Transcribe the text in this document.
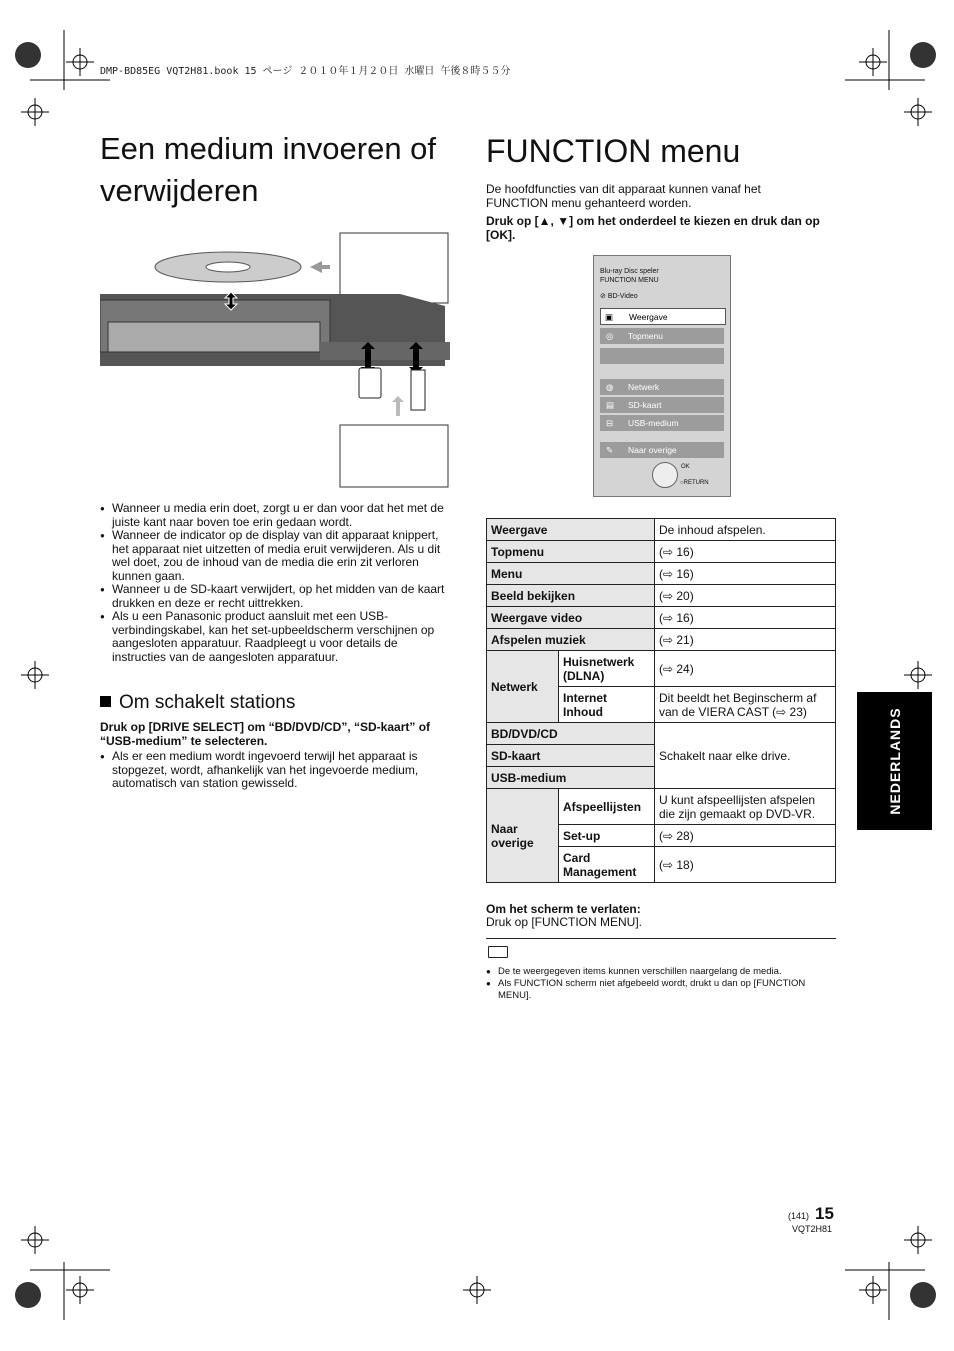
DMP-BD85EG VQT2H81.book 15 ページ ２０１０年１月２０日 水曜日 午後８時５５分
Een medium invoeren of
verwijderen

● Wanneer u media erin doet, zorgt u er dan voor dat het met de juiste kant naar boven toe erin gedaan wordt.

● Wanneer de indicator op de display van dit apparaat knippert, het apparaat niet uitzetten of media eruit verwijderen. Als u dit wel doet, zou de inhoud van de media die erin zit verloren kunnen gaan.

● Wanneer u de SD-kaart verwijdert, op het midden van de kaart drukken en deze er recht uittrekken.

● Als u een Panasonic product aansluit met een USB-verbindingskabel, kan het set-upbeeldscherm verschijnen op aangesloten apparatuur. Raadpleegt u voor details de instructies van de aangesloten apparatuur.

Om schakelt stations
Druk op [DRIVE SELECT] om “BD/DVD/CD”, “SD-kaart” of “USB-medium” te selecteren.

● Als er een medium wordt ingevoerd terwijl het apparaat is stopgezet, wordt, afhankelijk van het ingevoerde medium, automatisch van station gewisseld.

FUNCTION menu
De hoofdfuncties van dit apparaat kunnen vanaf het FUNCTION menu gehanteerd worden.
Druk op [▲, ▼] om het onderdeel te kiezen en druk dan op [OK].
Blu-ray Disc speler
FUNCTION MENU
⊘ BD-Video
▣ Weergave
◎ Topmenu
◍ Netwerk
▤ SD-kaart
⊟ USB-medium
✎ Naar overige
OK
○RETURN
Weergave		De inhoud afspelen.
Topmenu		(⇨ 16)
Menu		(⇨ 16)
Beeld bekijken		(⇨ 20)
Weergave video		(⇨ 16)
Afspelen muziek		(⇨ 21)
Netwerk	Huisnetwerk (DLNA)	(⇨ 24)
	Internet Inhoud	Dit beeldt het Beginscherm af van de VIERA CAST (⇨ 23)
BD/DVD/CD		Schakelt naar elke drive.
SD-kaart		
USB-medium		
Naar overige	Afspeellijsten	U kunt afspeellijsten afspelen die zijn gemaakt op DVD-VR.
	Set-up	(⇨ 28)
	Card Management	(⇨ 18)
Om het scherm te verlaten:
Druk op [FUNCTION MENU].

● De te weergegeven items kunnen verschillen naargelang de media.

● Als FUNCTION scherm niet afgebeeld wordt, drukt u dan op [FUNCTION MENU].

NEDERLANDS
(141) 15
VQT2H81
